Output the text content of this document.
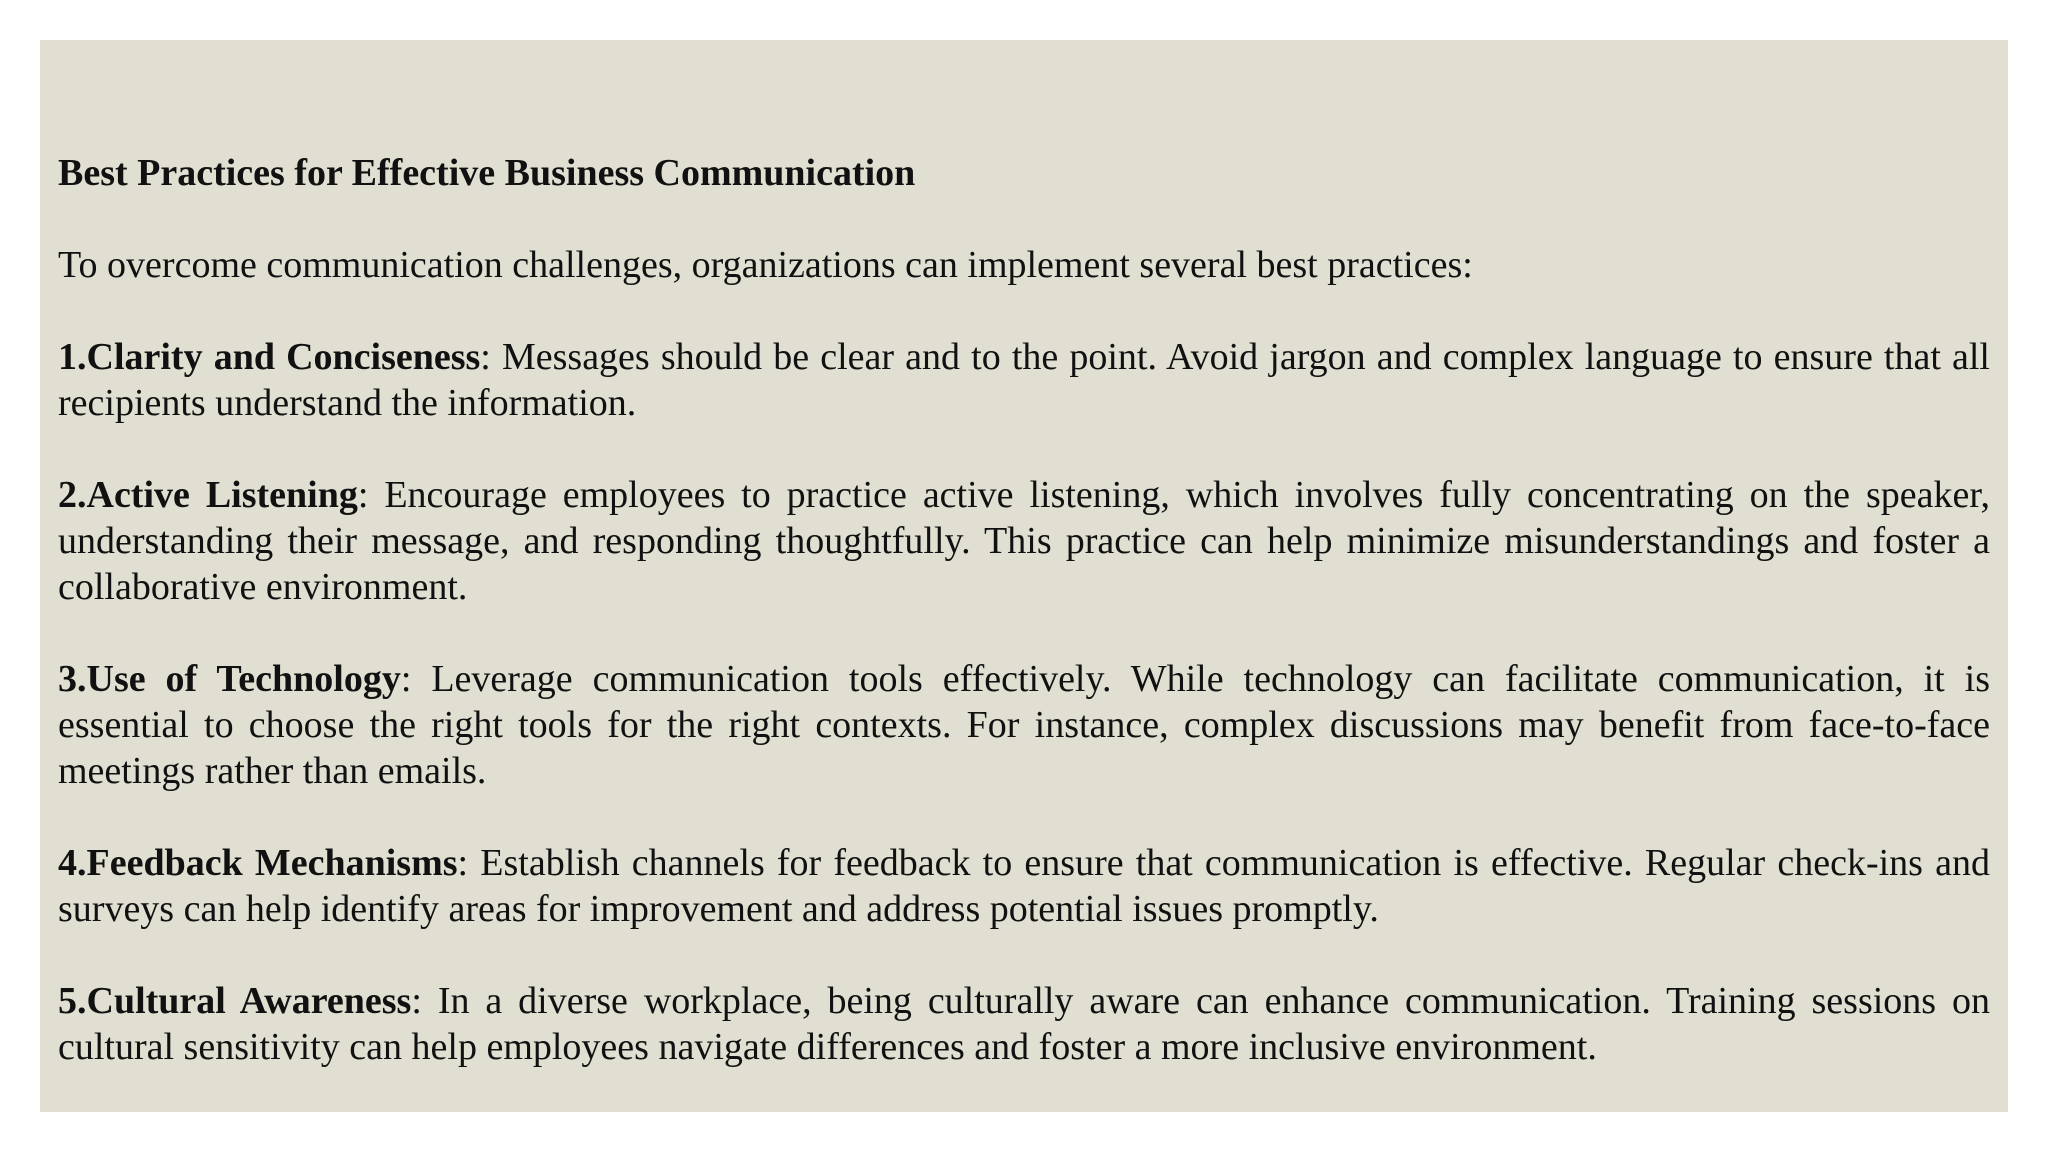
Best Practices for Effective Business Communication

To overcome communication challenges, organizations can implement several best practices:

1.Clarity and Conciseness: Messages should be clear and to the point. Avoid jargon and complex language to ensure that all recipients understand the information.

2.Active Listening: Encourage employees to practice active listening, which involves fully concentrating on the speaker, understanding their message, and responding thoughtfully. This practice can help minimize misunderstandings and foster a collaborative environment.

3.Use of Technology: Leverage communication tools effectively. While technology can facilitate communication, it is essential to choose the right tools for the right contexts. For instance, complex discussions may benefit from face-to-face meetings rather than emails.

4.Feedback Mechanisms: Establish channels for feedback to ensure that communication is effective. Regular check-ins and surveys can help identify areas for improvement and address potential issues promptly.

5.Cultural Awareness: In a diverse workplace, being culturally aware can enhance communication. Training sessions on cultural sensitivity can help employees navigate differences and foster a more inclusive environment.
